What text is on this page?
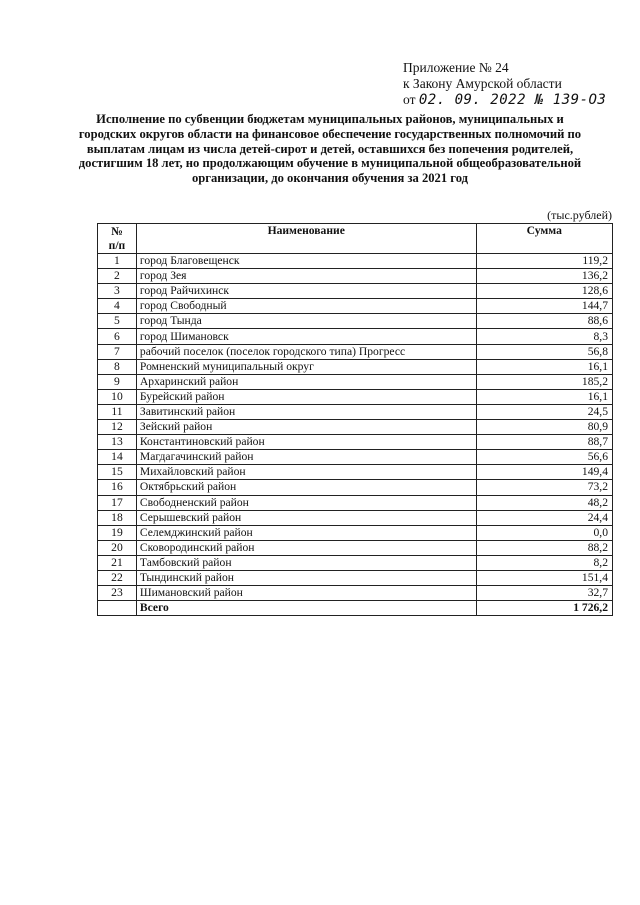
Приложение № 24
к Закону Амурской области
от 02. 09. 2022 № 139-ОЗ
Исполнение по субвенции бюджетам муниципальных районов, муниципальных и городских округов области на финансовое обеспечение государственных полномочий по выплатам лицам из числа детей-сирот и детей, оставшихся без попечения родителей, достигшим 18 лет, но продолжающим обучение в муниципальной общеобразовательной организации, до окончания обучения за 2021 год
(тыс.рублей)
№
п/п	Наименование	Сумма
1	город Благовещенск	119,2
2	город Зея	136,2
3	город Райчихинск	128,6
4	город Свободный	144,7
5	город Тында	88,6
6	город Шимановск	8,3
7	рабочий поселок (поселок городского типа) Прогресс	56,8
8	Ромненский муниципальный округ	16,1
9	Архаринский район	185,2
10	Бурейский район	16,1
11	Завитинский район	24,5
12	Зейский район	80,9
13	Константиновский район	88,7
14	Магдагачинский район	56,6
15	Михайловский район	149,4
16	Октябрьский район	73,2
17	Свободненский район	48,2
18	Серышевский район	24,4
19	Селемджинский район	0,0
20	Сковородинский район	88,2
21	Тамбовский район	8,2
22	Тындинский район	151,4
23	Шимановский район	32,7
	Всего	1 726,2
